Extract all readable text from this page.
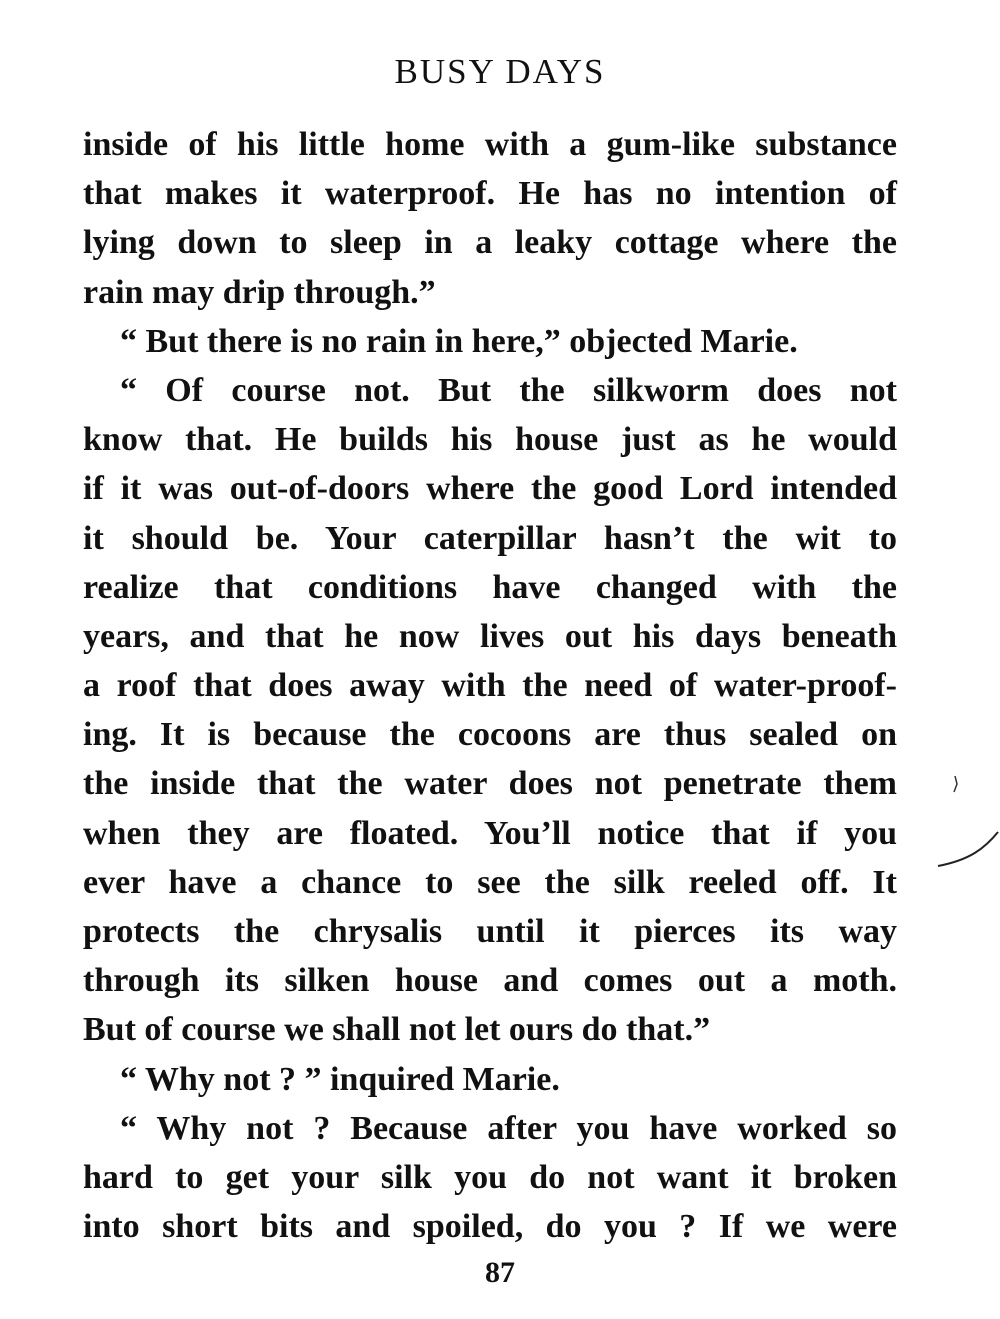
BUSY DAYS
inside of his little home with a gum-like substance
that makes it waterproof. He has no intention of
lying down to sleep in a leaky cottage where the
rain may drip through.”
“ But there is no rain in here,” objected Marie.
“ Of course not. But the silkworm does not
know that. He builds his house just as he would
if it was out-of-doors where the good Lord intended
it should be. Your caterpillar hasn’t the wit to
realize that conditions have changed with the
years, and that he now lives out his days beneath
a roof that does away with the need of water-proof-
ing. It is because the cocoons are thus sealed on
the inside that the water does not penetrate them
when they are floated. You’ll notice that if you
ever have a chance to see the silk reeled off. It
protects the chrysalis until it pierces its way
through its silken house and comes out a moth.
But of course we shall not let ours do that.”
“ Why not ? ” inquired Marie.
“ Why not ? Because after you have worked so
hard to get your silk you do not want it broken
into short bits and spoiled, do you ? If we were
87
